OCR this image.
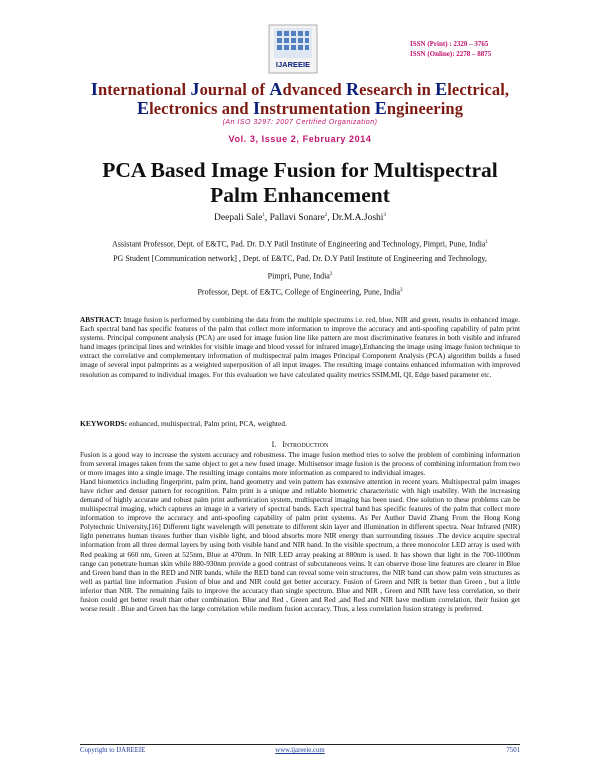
IJAREEIE
ISSN (Print) : 2320 – 3765
ISSN (Online): 2278 – 8875
International Journal of Advanced Research in Electrical,
Electronics and Instrumentation Engineering
(An ISO 3297: 2007 Certified Organization)
Vol. 3, Issue 2, February 2014
PCA Based Image Fusion for Multispectral
Palm Enhancement
Deepali Sale$^1$, Pallavi Sonare$^2$, Dr.M.A.Joshi$^3$
Assistant Professor, Dept. of E&TC, Pad. Dr. D.Y Patil Institute of Engineering and Technology, Pimpri, Pune, India$^1$
PG Student [Communication network] , Dept. of E&TC, Pad. Dr. D.Y Patil Institute of Engineering and Technology,
Pimpri, Pune, India$^2$
Professor, Dept. of E&TC, College of Engineering, Pune, India$^3$
ABSTRACT: Image fusion is performed by combining the data from the multiple spectrums i.e. red, blue, NIR and green, results in enhanced image. Each spectral band has specific features of the palm that collect more information to improve the accuracy and anti-spoofing capability of palm print systems. Principal component analysis (PCA) are used for image fusion line like pattern are most discriminative features in both visible and infrared hand images (principal lines and wrinkles for visible image and blood vessel for infrared image),Enhancing the image using image fusion technique to extract the correlative and complementary information of multispectral palm images Principal Component Analysis (PCA) algorithm builds a fused image of several input palmprints as a weighted superposition of all input images. The resulting image contains enhanced information with improved resolution as compared to individual images. For this evaluation we have calculated quality metrics SSIM,MI, QI, Edge based parameter etc.
KEYWORDS: enhanced, multispectral, Palm print, PCA, weighted.
I. Introduction

Fusion is a good way to increase the system accuracy and robustness. The image fusion method tries to solve the problem of combining information from several images taken from the same object to get a new fused image. Multisensor image fusion is the process of combining information from two or more images into a single image. The resulting image contains more information as compared to individual images.

Hand biometrics including fingerprint, palm print, hand geometry and vein pattern has extensive attention in recent years. Multispectral palm images have richer and denser pattern for recognition. Palm print is a unique and reliable biometric characteristic with high usability. With the increasing demand of highly accurate and robust palm print authentication system, multispectral imaging has been used. One solution to these problems can be multispectral imaging, which captures an image in a variety of spectral bands. Each spectral band has specific features of the palm that collect more information to improve the accuracy and anti-spoofing capability of palm print systems. As Per Author David Zhang From the Hong Kong Polytechnic University,[16] Different light wavelength will penetrate to different skin layer and illumination in different spectra. Near Infrared (NIR) light penetrates human tissues further than visible light, and blood absorbs more NIR energy than surrounding tissues .The device acquire spectral information from all three dermal layers by using both visible band and NIR band. In the visible spectrum, a three monocolor LED array is used with Red peaking at 660 nm, Green at 525nm, Blue at 470nm. In NIR LED array peaking at 880nm is used. It has shown that light in the 700-1000nm range can penetrate human skin while 880-930nm provide a good contrast of subcutaneous veins. It can observe those line features are clearer in Blue and Green band than in the RED and NIR bands, while the RED band can reveal some vein structures, the NIR band can show palm vein structures as well as partial line information .Fusion of blue and and NIR could get better accuracy. Fusion of Green and NIR is better than Green , but a little inferior than NIR. The remaining fails to improve the accuracy than single spectrum. Blue and NIR , Green and NIR have less correlation, so their fusion could get better result than other combination. Blue and Red , Green and Red ,and Red and NIR have medium correlation, their fusion get worse result . Blue and Green has the large correlation while medium fusion accuracy. Thus, a less correlation fusion strategy is preferred.

Copyright to IJAREEIE	www.ijareeie.com	7501
